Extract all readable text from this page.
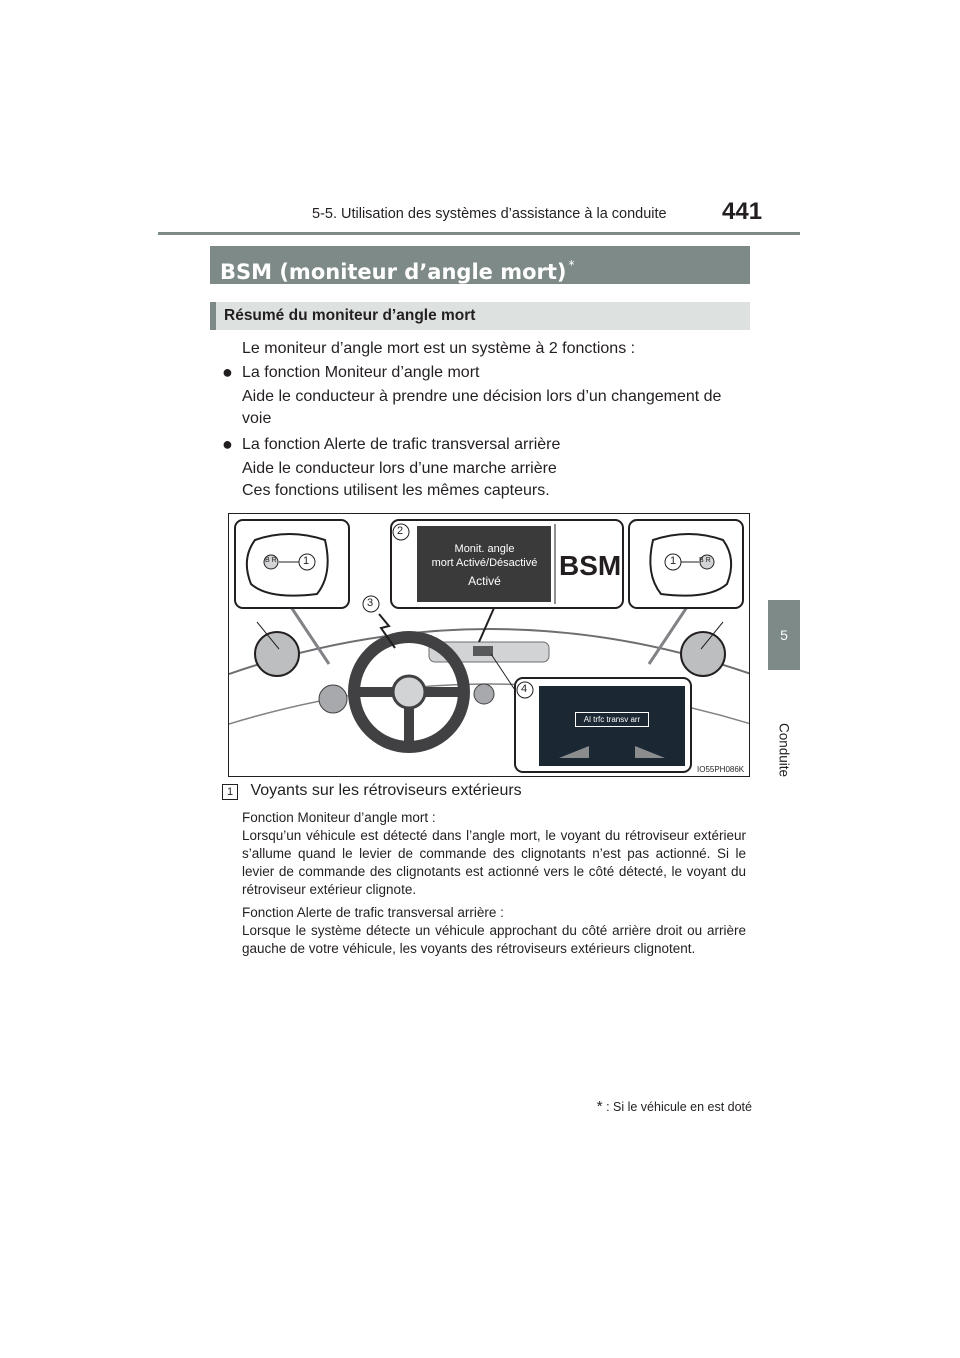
5-5. Utilisation des systèmes d’assistance à la conduite 441
5
Conduite
BSM (moniteur d’angle mort) *
Résumé du moniteur d’angle mort
Le moniteur d’angle mort est un système à 2 fonctions :
● La fonction Moniteur d’angle mort
Aide le conducteur à prendre une décision lors d’un changement de voie
● La fonction Alerte de trafic transversal arrière
Aide le conducteur lors d’une marche arrière
Ces fonctions utilisent les mêmes capteurs.
Monit. angle
mort Activé/Désactivé
Activé	BSM
Al trfc transv arr
1	1
2
3
4
B R	B R
IO55PH086K
1 Voyants sur les rétroviseurs extérieurs
Fonction Moniteur d’angle mort :
Lorsqu’un véhicule est détecté dans l’angle mort, le voyant du rétroviseur extérieur s’allume quand le levier de commande des clignotants n’est pas actionné. Si le levier de commande des clignotants est actionné vers le côté détecté, le voyant du rétroviseur extérieur clignote.
Fonction Alerte de trafic transversal arrière :
Lorsque le système détecte un véhicule approchant du côté arrière droit ou arrière gauche de votre véhicule, les voyants des rétroviseurs extérieurs clignotent.
* : Si le véhicule en est doté
